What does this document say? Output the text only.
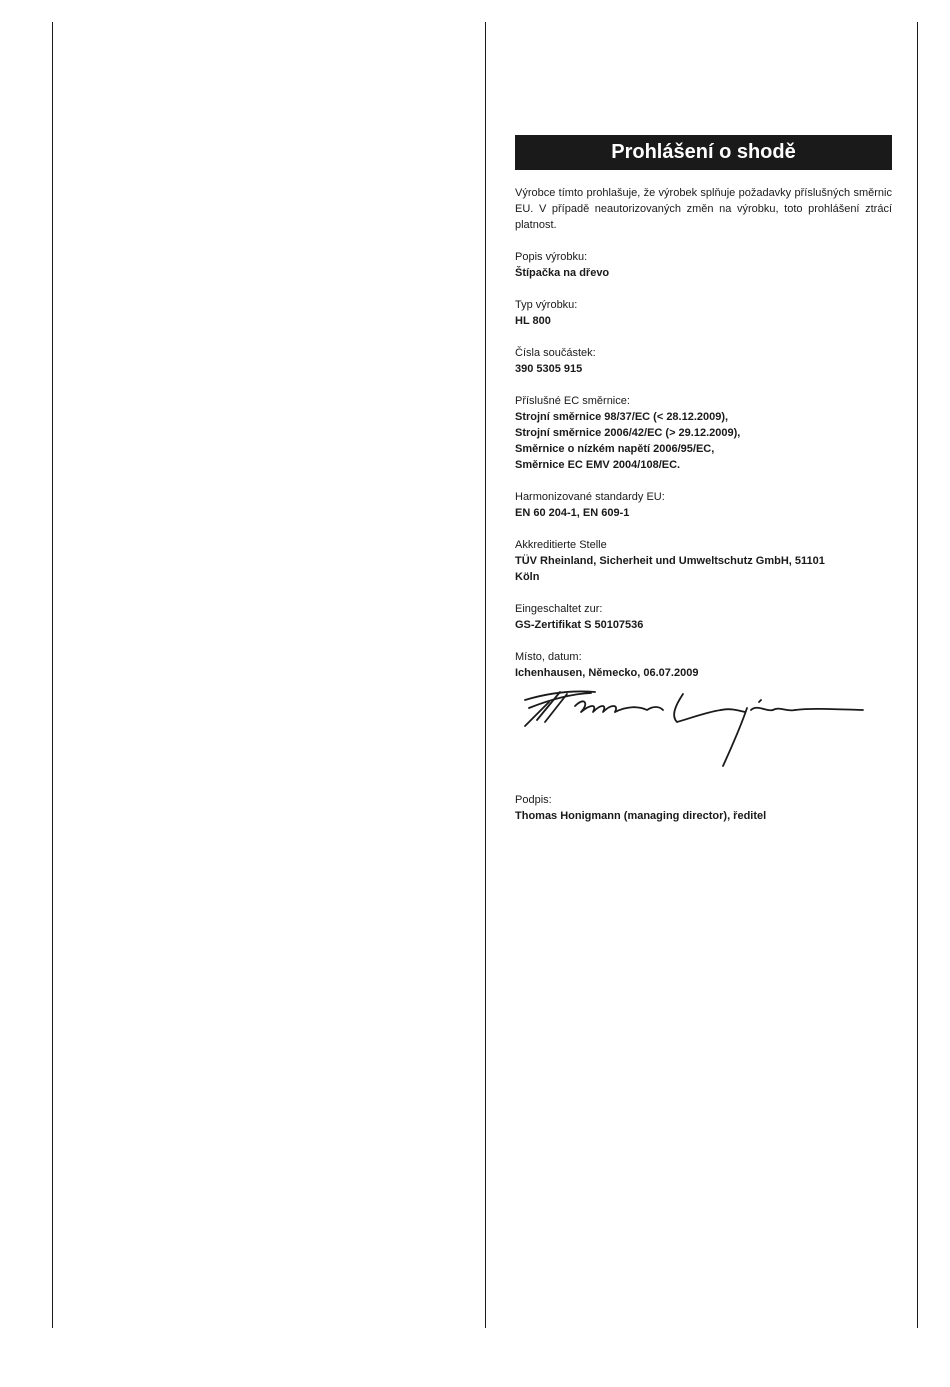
Prohlášení o shodě

Výrobce tímto prohlašuje, že výrobek splňuje požadavky příslušných směrnic EU. V případě neautorizovaných změn na výrobku, toto prohlášení ztrácí platnost.

Popis výrobku:

Štípačka na dřevo

Typ výrobku:

HL 800

Čísla součástek:

390 5305 915

Příslušné EC směrnice:

Strojní směrnice 98/37/EC (< 28.12.2009),

Strojní směrnice 2006/42/EC (> 29.12.2009),

Směrnice o nízkém napětí 2006/95/EC,

Směrnice EC EMV 2004/108/EC.

Harmonizované standardy EU:

EN 60 204-1, EN 609-1

Akkreditierte Stelle

TÜV Rheinland, Sicherheit und Umweltschutz GmbH, 51101

Köln

Eingeschaltet zur:

GS-Zertifikat S 50107536

Místo, datum:

Ichenhausen, Německo, 06.07.2009

Podpis:

Thomas Honigmann (managing director), ředitel
